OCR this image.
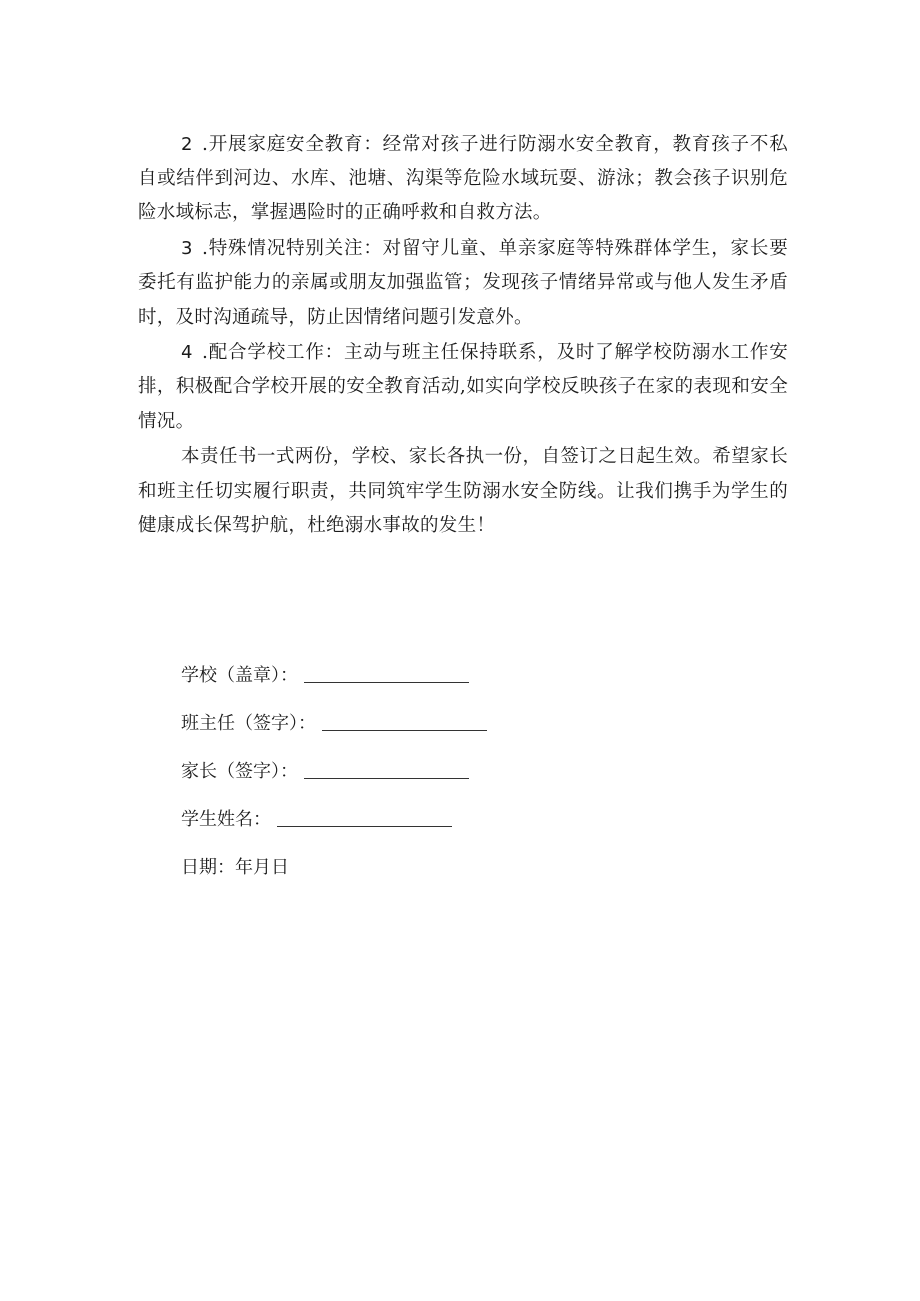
2 .开展家庭安全教育：经常对孩子进行防溺水安全教育，教育孩子不私自或结伴到河边、水库、池塘、沟渠等危险水域玩耍、游泳；教会孩子识别危险水域标志，掌握遇险时的正确呼救和自救方法。

3 .特殊情况特别关注：对留守儿童、单亲家庭等特殊群体学生，家长要委托有监护能力的亲属或朋友加强监管；发现孩子情绪异常或与他人发生矛盾时，及时沟通疏导，防止因情绪问题引发意外。

4 .配合学校工作：主动与班主任保持联系，及时了解学校防溺水工作安排，积极配合学校开展的安全教育活动,如实向学校反映孩子在家的表现和安全情况。

本责任书一式两份，学校、家长各执一份，自签订之日起生效。希望家长和班主任切实履行职责，共同筑牢学生防溺水安全防线。让我们携手为学生的健康成长保驾护航，杜绝溺水事故的发生！

学校（盖章）：
班主任（签字）：
家长（签字）：
学生姓名：
日期：年月日
